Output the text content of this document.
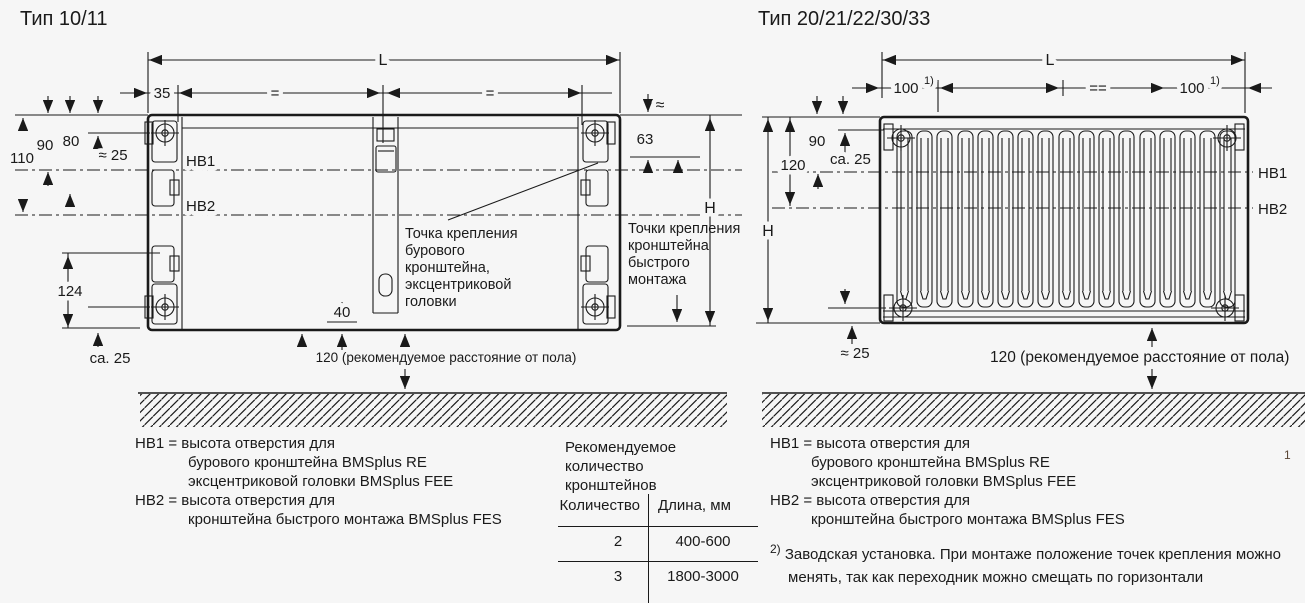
Тип 10/11	Тип 20/21/22/30/33
HB1
HB2
L
35	=	=
110
90 80
≈ 25
124
ca. 25
40
≈
63
H
Точка крепления
бурового
кронштейна,
эксцентриковой
головки
Точки крепления
кронштейна
быстрого
монтажа
120 (рекомендуемое расстояние от пола)
HB1
HB2
L
100 1)	==	100 1)
90
120 ca. 25
H
≈ 25	120 (рекомендуемое расстояние от пола)
HB1 = высота отверстия для
бурового кронштейна BMSplus RE
эксцентриковой головки BMSplus FEE
HB2 = высота отверстия для
кронштейна быстрого монтажа BMSplus FES
Рекомендуемое
количество
кронштейнов
Количество Длина, мм
2	400-600
3	1800-3000
HB1 = высота отверстия для
бурового кронштейна BMSplus RE
эксцентриковой головки BMSplus FEE
HB2 = высота отверстия для
кронштейна быстрого монтажа BMSplus FES
$^{2)}$ Заводская установка. При монтаже положение точек крепления можно
менять, так как переходник можно смещать по горизонтали
1
